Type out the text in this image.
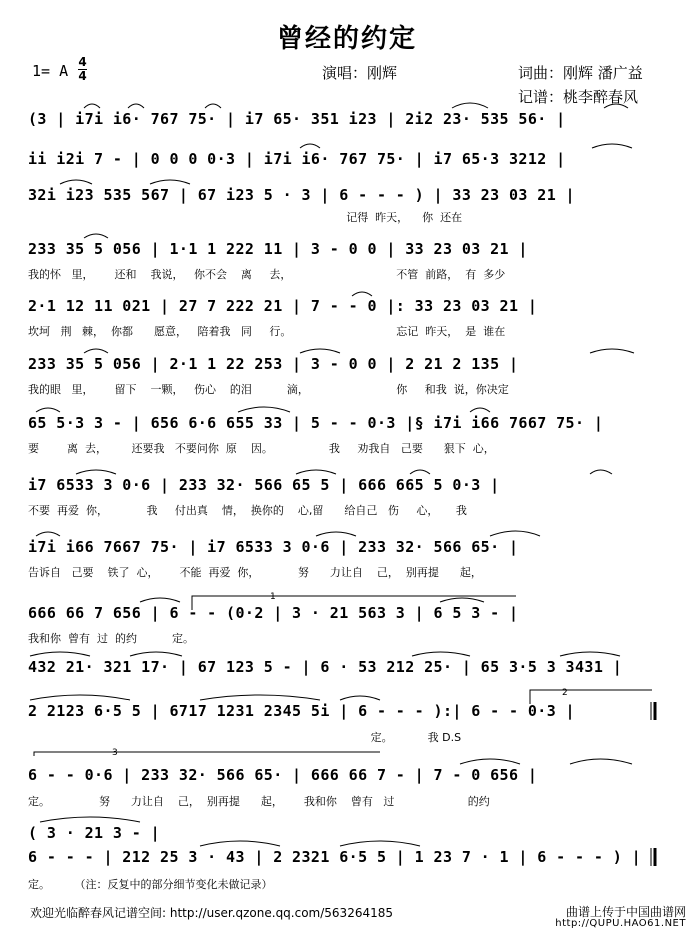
曾经的约定
1= A 4
4	演唱：刚辉	词曲：刚辉 潘广益
记谱：桃李醉春风
(3 | i7i i6· 767 75· | i7 65· 351 i23 | 2i2 23· 535 56· |
ii i2i 7 - | 0 0 0 0·3 | i7i i6· 767 75· | i7 65·3 3212 |
32i i23 535 567 | 67 i23 5 · 3 | 6 - - - ) | 33 23 03 21 |
记得  昨天，    你  还在
233 35 5 056 | 1·1 1 222 11 | 3 - 0 0 | 33 23 03 21 |
我的怀   里，      还和    我说，   你不会    离     去，                              不管  前路，  有  多少
2·1 12 11 021 | 27 7 222 21 | 7 - - 0 |: 33 23 03 21 |
坎坷   荆   棘，  你都      愿意，   陪着我   同     行。                              忘记  昨天，  是  谁在
233 35 5 056 | 2·1 1 22 253 | 3 - 0 0 | 2 21 2 135 |
我的眼   里，      留下    一颗，   伤心    的泪          滴，                         你     和我  说，你决定
65 5·3 3 - | 656 6·6 655 33 | 5 - - 0·3 |§ i7i i66 7667 75· |
要        离  去，       还要我   不要问你  原    因。                我     劝我自   己要      狠下  心，
i7 6533 3 0·6 | 233 32· 566 65 5 | 666 665 5 0·3 |
不要  再爱  你，           我     付出真    情，  换你的    心,留      给自己   伤     心，     我
i7i i66 7667 75· | i7 6533 3 0·6 | 233 32· 566 65· |
告诉自   己要    铁了  心，      不能  再爱  你，           努      力让自    己，  别再提      起，
666 66 7 656 | 6 - - (0·2 | 3 · 21 563 3 | 6 5 3 - |
我和你  曾有  过  的约          定。
432 21· 321 17· | 67 123 5 - | 6 · 53 212 25· | 65 3·5 3 3431 |
2 2123 6·5 5 | 6717 1231 2345 5i | 6 - - - ):| 6 - - 0·3 |
定。          我 D.S
6 - - 0·6 | 233 32· 566 65· | 666 66 7 - | 7 - 0 656 |
定。              努      力让自    己，  别再提      起，      我和你    曾有   过                     的约
( 3 · 21 3 - |
6 - - - | 212 25 3 · 43 | 2 2321 6·5 5 | 1 23 7 · 1 | 6 - - - ) |
定。       （注：反复中的部分细节变化未做记录）
1
2
3
欢迎光临醉春风记谱空间: http://user.qzone.qq.com/563264185	曲谱上传于中国曲谱网
http://QUPU.HAO61.NET
